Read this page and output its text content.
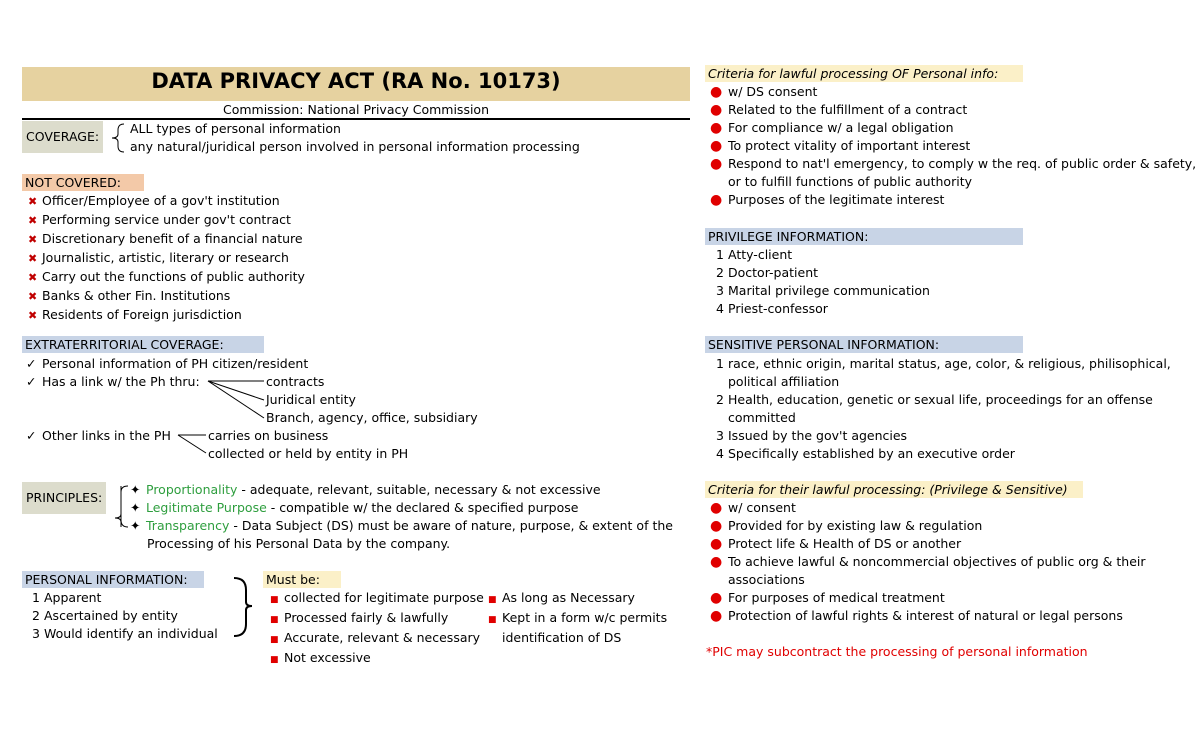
DATA PRIVACY ACT (RA No. 10173)
Commission: National Privacy Commission
COVERAGE:
ALL types of personal information
any natural/juridical person involved in personal information processing
NOT COVERED:
✖ Officer/Employee of a gov't institution
✖ Performing service under gov't contract
✖ Discretionary benefit of a financial nature
✖ Journalistic, artistic, literary or research
✖ Carry out the functions of public authority
✖ Banks & other Fin. Institutions
✖ Residents of Foreign jurisdiction
EXTRATERRITORIAL COVERAGE:
✓ Personal information of PH citizen/resident
✓ Has a link w/ the Ph thru:	contracts
Juridical entity
Branch, agency, office, subsidiary
✓ Other links in the PH	carries on business
collected or held by entity in PH
PRINCIPLES:
✦ Proportionality - adequate, relevant, suitable, necessary & not excessive
✦ Legitimate Purpose - compatible w/ the declared & specified purpose
✦ Transparency - Data Subject (DS) must be aware of nature, purpose, & extent of the
Processing of his Personal Data by the company.
PERSONAL INFORMATION:
1 Apparent
2 Ascertained by entity
3 Would identify an individual
Must be:
■ collected for legitimate purpose
■ Processed fairly & lawfully
■ Accurate, relevant & necessary
■ Not excessive
■ As long as Necessary
■ Kept in a form w/c permits
identification of DS
Criteria for lawful processing OF Personal info:
● w/ DS consent
● Related to the fulfillment of a contract
● For compliance w/ a legal obligation
● To protect vitality of important interest
● Respond to nat'l emergency, to comply w the req. of public order & safety,
or to fulfill functions of public authority
● Purposes of the legitimate interest
PRIVILEGE INFORMATION:
1 Atty-client
2 Doctor-patient
3 Marital privilege communication
4 Priest-confessor
SENSITIVE PERSONAL INFORMATION:
1 race, ethnic origin, marital status, age, color, & religious, philisophical,
political affiliation
2 Health, education, genetic or sexual life, proceedings for an offense
committed
3 Issued by the gov't agencies
4 Specifically established by an executive order
Criteria for their lawful processing: (Privilege & Sensitive)
● w/ consent
● Provided for by existing law & regulation
● Protect life & Health of DS or another
● To achieve lawful & noncommercial objectives of public org & their
associations
● For purposes of medical treatment
● Protection of lawful rights & interest of natural or legal persons
*PIC may subcontract the processing of personal information
